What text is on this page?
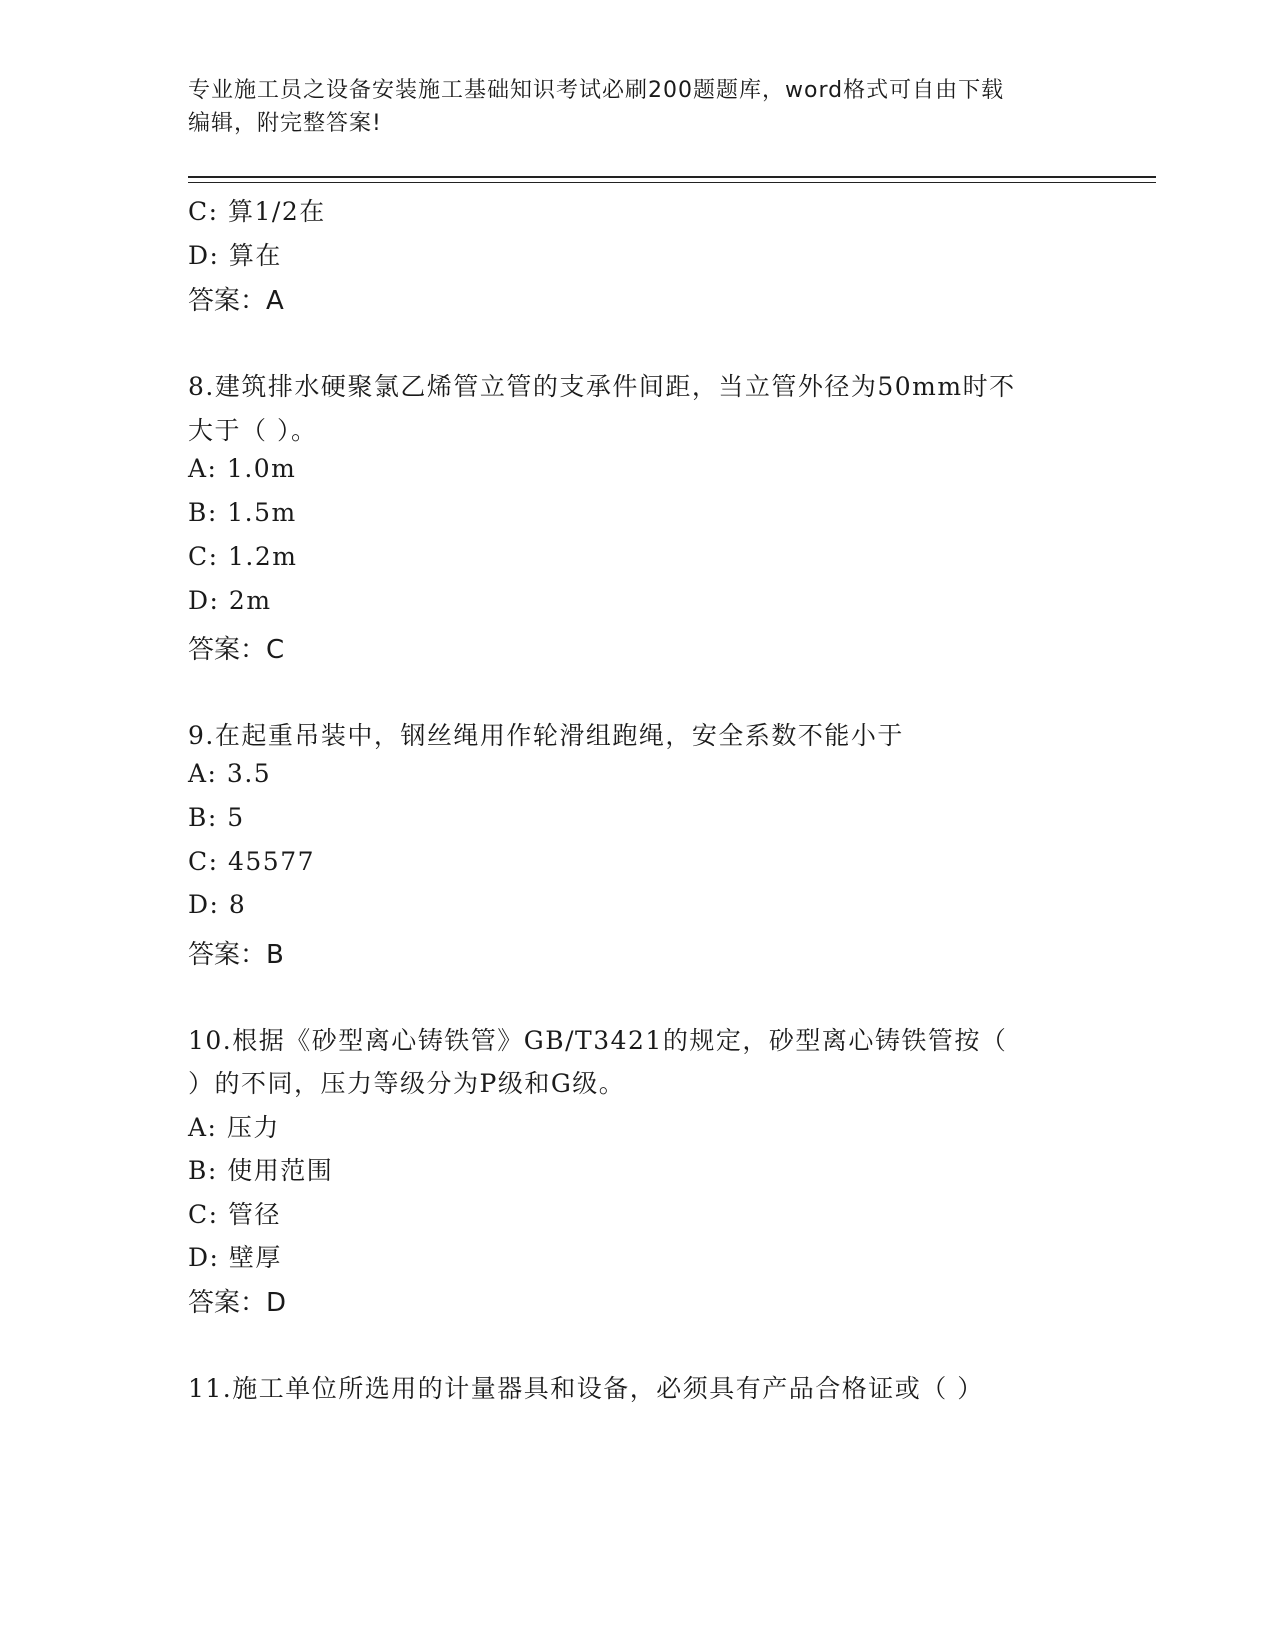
专业施工员之设备安装施工基础知识考试必刷200题题库，word格式可自由下载
编辑，附完整答案!
C: 算1/2在
D: 算在
答案：A
8.建筑排水硬聚氯乙烯管立管的支承件间距，当立管外径为50mm时不
大于（ ）。
A: 1.0m
B: 1.5m
C: 1.2m
D: 2m
答案：C
9.在起重吊装中，钢丝绳用作轮滑组跑绳，安全系数不能小于
A: 3.5
B: 5
C: 45577
D: 8
答案：B
10.根据《砂型离心铸铁管》GB/T3421的规定，砂型离心铸铁管按（
）的不同，压力等级分为P级和G级。
A: 压力
B: 使用范围
C: 管径
D: 壁厚
答案：D
11.施工单位所选用的计量器具和设备，必须具有产品合格证或（ ）
